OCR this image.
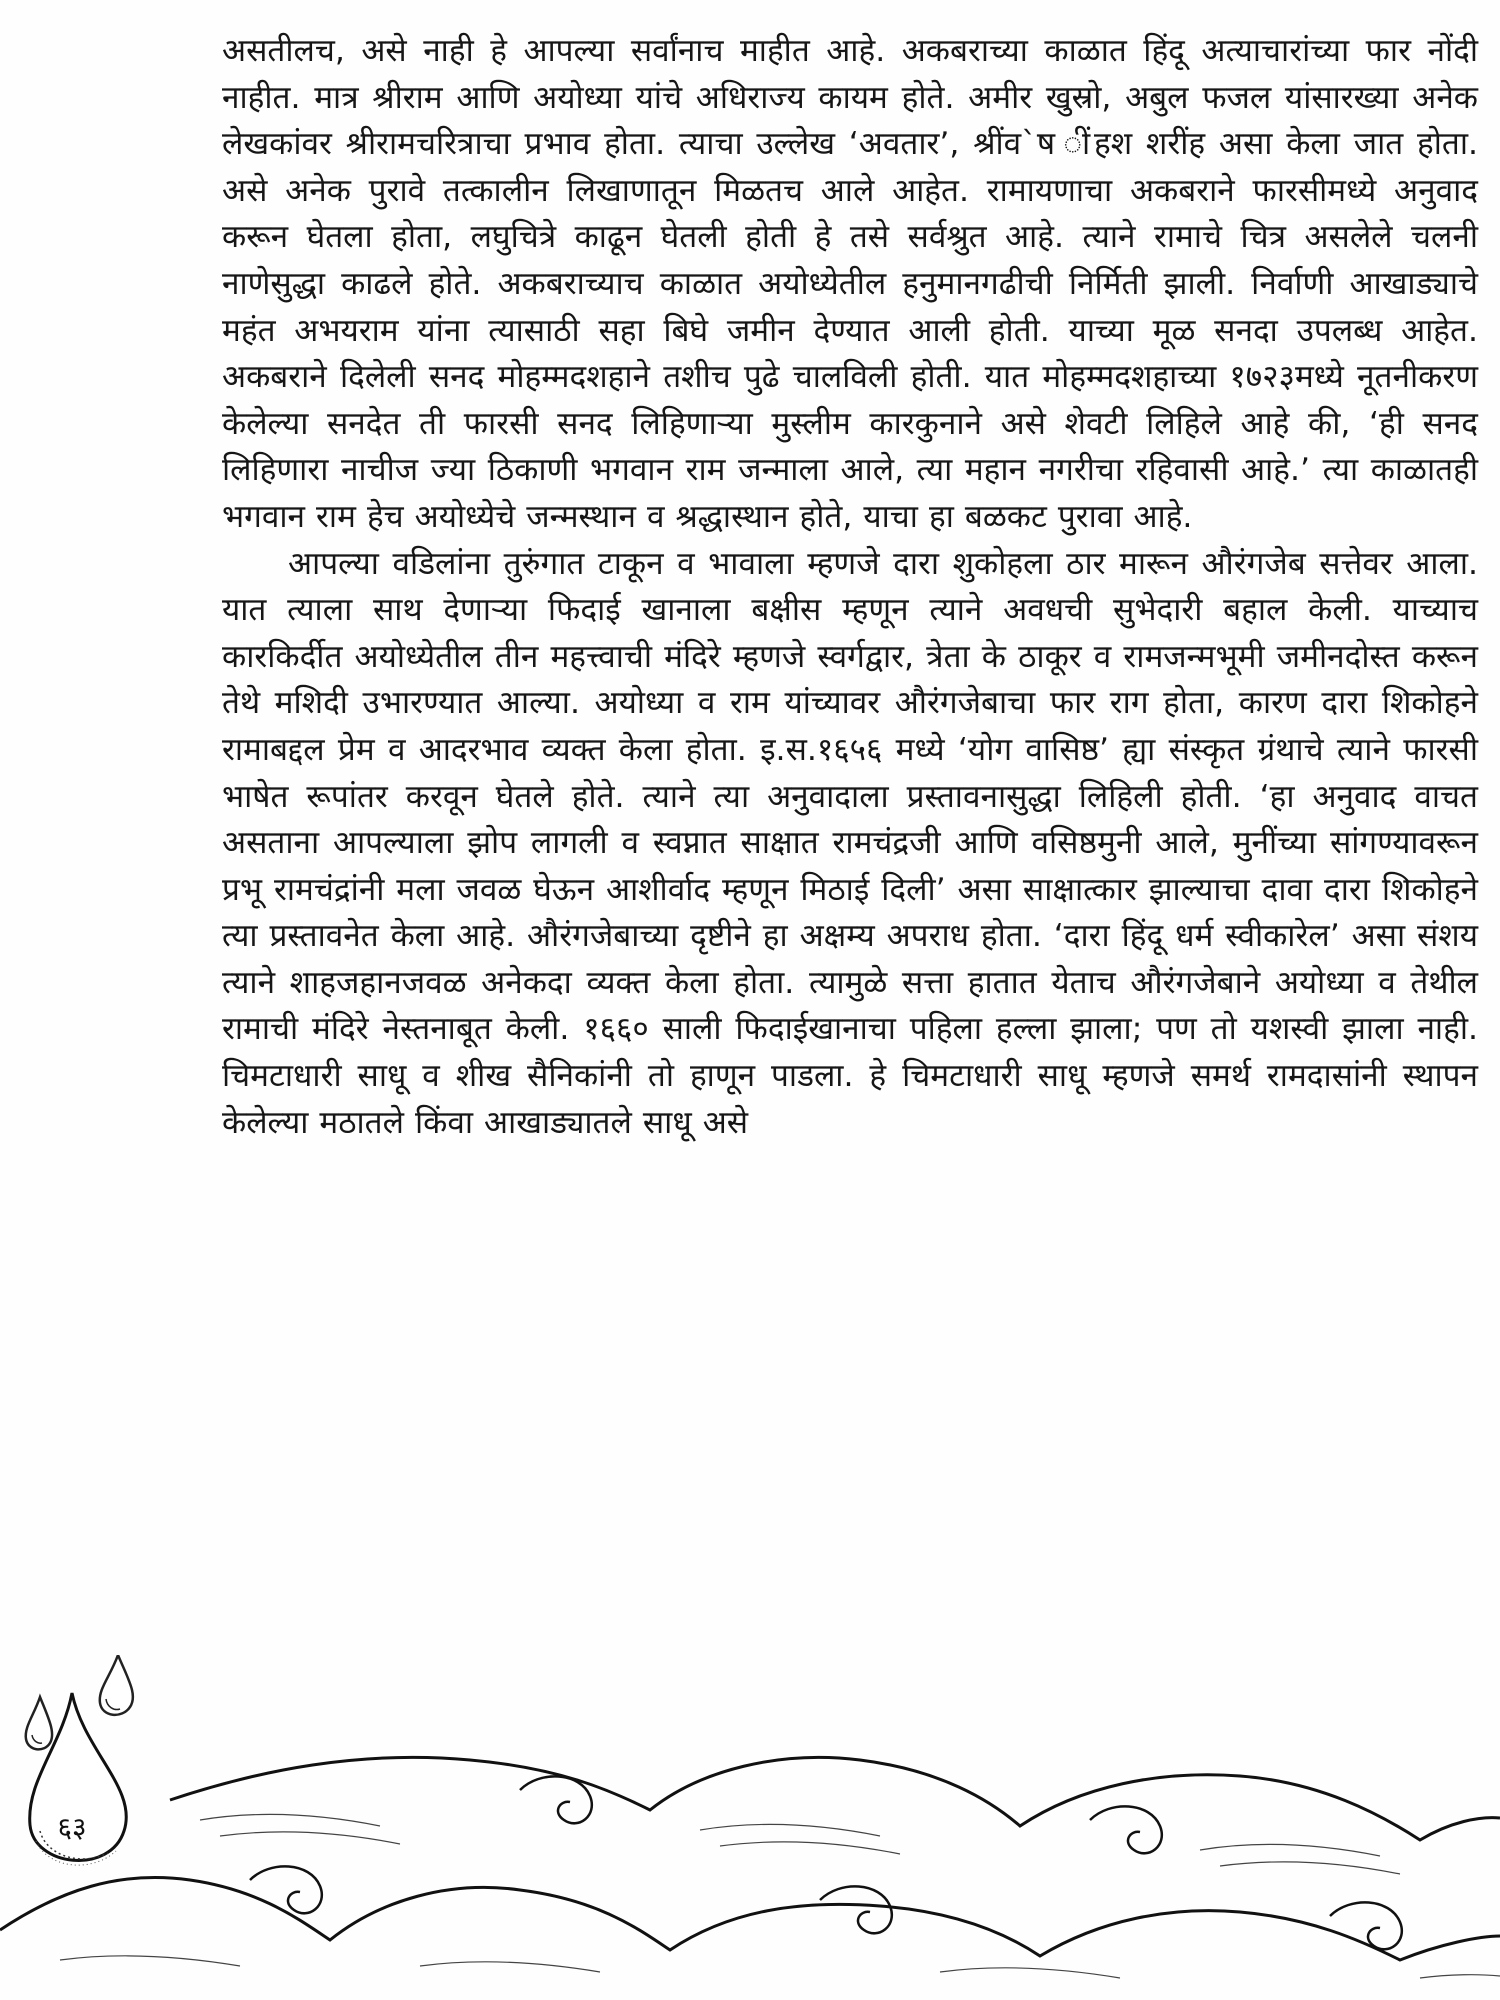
असतीलच, असे नाही हे आपल्या सर्वांनाच माहीत आहे. अकबराच्या काळात हिंदू अत्याचारांच्या फार नोंदी नाहीत. मात्र श्रीराम आणि अयोध्या यांचे अधिराज्य कायम होते. अमीर खुस्रो, अबुल फजल यांसारख्या अनेक लेखकांवर श्रीरामचरित्राचा प्रभाव होता. त्याचा उल्लेख ‘अवतार’, श्रींव`ष ींहश शरींह असा केला जात होता. असे अनेक पुरावे तत्कालीन लिखाणातून मिळतच आले आहेत. रामायणाचा अकबराने फारसीमध्ये अनुवाद करून घेतला होता, लघुचित्रे काढून घेतली होती हे तसे सर्वश्रुत आहे. त्याने रामाचे चित्र असलेले चलनी नाणेसुद्धा काढले होते. अकबराच्याच काळात अयोध्येतील हनुमानगढीची निर्मिती झाली. निर्वाणी आखाड्याचे महंत अभयराम यांना त्यासाठी सहा बिघे जमीन देण्यात आली होती. याच्या मूळ सनदा उपलब्ध आहेत. अकबराने दिलेली सनद मोहम्मदशहाने तशीच पुढे चालविली होती. यात मोहम्मदशहाच्या १७२३मध्ये नूतनीकरण केलेल्या सनदेत ती फारसी सनद लिहिणाऱ्या मुस्लीम कारकुनाने असे शेवटी लिहिले आहे की, ‘ही सनद लिहिणारा नाचीज ज्या ठिकाणी भगवान राम जन्माला आले, त्या महान नगरीचा रहिवासी आहे.’ त्या काळातही भगवान राम हेच अयोध्येचे जन्मस्थान व श्रद्धास्थान होते, याचा हा बळकट पुरावा आहे.

आपल्या वडिलांना तुरुंगात टाकून व भावाला म्हणजे दारा शुकोहला ठार मारून औरंगजेब सत्तेवर आला. यात त्याला साथ देणाऱ्या फिदाई खानाला बक्षीस म्हणून त्याने अवधची सुभेदारी बहाल केली. याच्याच कारकिर्दीत अयोध्येतील तीन महत्त्वाची मंदिरे म्हणजे स्वर्गद्वार, त्रेता के ठाकूर व रामजन्मभूमी जमीनदोस्त करून तेथे मशिदी उभारण्यात आल्या. अयोध्या व राम यांच्यावर औरंगजेबाचा फार राग होता, कारण दारा शिकोहने रामाबद्दल प्रेम व आदरभाव व्यक्त केला होता. इ.स.१६५६ मध्ये ‘योग वासिष्ठ’ ह्या संस्कृत ग्रंथाचे त्याने फारसी भाषेत रूपांतर करवून घेतले होते. त्याने त्या अनुवादाला प्रस्तावनासुद्धा लिहिली होती. ‘हा अनुवाद वाचत असताना आपल्याला झोप लागली व स्वप्नात साक्षात रामचंद्रजी आणि वसिष्ठमुनी आले, मुनींच्या सांगण्यावरून प्रभू रामचंद्रांनी मला जवळ घेऊन आशीर्वाद म्हणून मिठाई दिली’ असा साक्षात्कार झाल्याचा दावा दारा शिकोहने त्या प्रस्तावनेत केला आहे. औरंगजेबाच्या दृष्टीने हा अक्षम्य अपराध होता. ‘दारा हिंदू धर्म स्वीकारेल’ असा संशय त्याने शाहजहानजवळ अनेकदा व्यक्त केला होता. त्यामुळे सत्ता हातात येताच औरंगजेबाने अयोध्या व तेथील रामाची मंदिरे नेस्तनाबूत केली. १६६० साली फिदाईखानाचा पहिला हल्ला झाला; पण तो यशस्वी झाला नाही. चिमटाधारी साधू व शीख सैनिकांनी तो हाणून पाडला. हे चिमटाधारी साधू म्हणजे समर्थ रामदासांनी स्थापन केलेल्या मठातले किंवा आखाड्यातले साधू असे

६३
